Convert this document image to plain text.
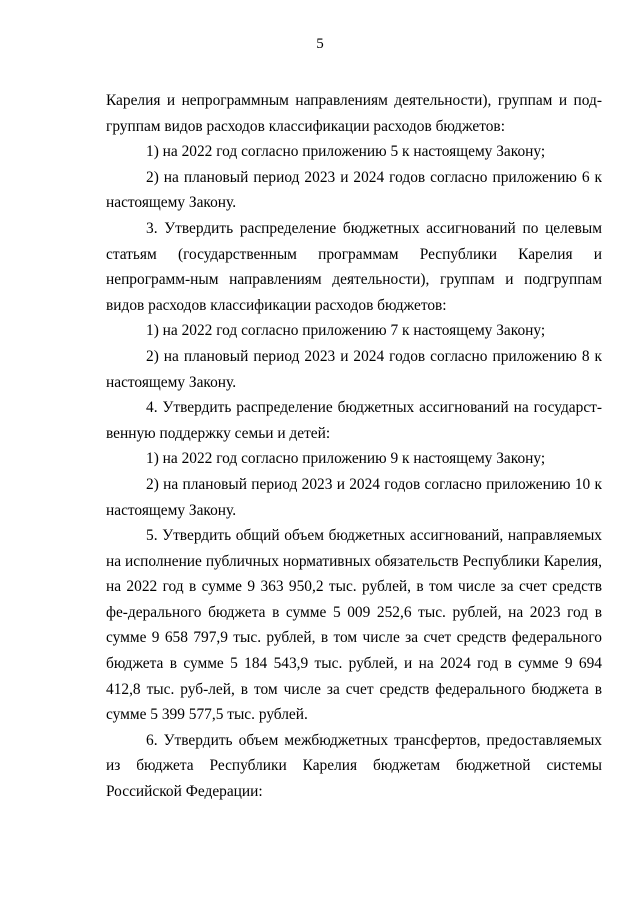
5

Карелия и непрограммным направлениям деятельности), группам и под-группам видов расходов классификации расходов бюджетов:

1) на 2022 год согласно приложению 5 к настоящему Закону;

2) на плановый период 2023 и 2024 годов согласно приложению 6 к настоящему Закону.

3. Утвердить распределение бюджетных ассигнований по целевым статьям (государственным программам Республики Карелия и непрограмм-ным направлениям деятельности), группам и подгруппам видов расходов классификации расходов бюджетов:

1) на 2022 год согласно приложению 7 к настоящему Закону;

2) на плановый период 2023 и 2024 годов согласно приложению 8 к настоящему Закону.

4. Утвердить распределение бюджетных ассигнований на государст-венную поддержку семьи и детей:

1) на 2022 год согласно приложению 9 к настоящему Закону;

2) на плановый период 2023 и 2024 годов согласно приложению 10 к настоящему Закону.

5. Утвердить общий объем бюджетных ассигнований, направляемых на исполнение публичных нормативных обязательств Республики Карелия, на 2022 год в сумме 9 363 950,2 тыс. рублей, в том числе за счет средств фе-дерального бюджета в сумме 5 009 252,6 тыс. рублей, на 2023 год в сумме 9 658 797,9 тыс. рублей, в том числе за счет средств федерального бюджета в сумме 5 184 543,9 тыс. рублей, и на 2024 год в сумме 9 694 412,8 тыс. руб-лей, в том числе за счет средств федерального бюджета в сумме 5 399 577,5 тыс. рублей.

6. Утвердить объем межбюджетных трансфертов, предоставляемых из бюджета Республики Карелия бюджетам бюджетной системы Российской Федерации:
